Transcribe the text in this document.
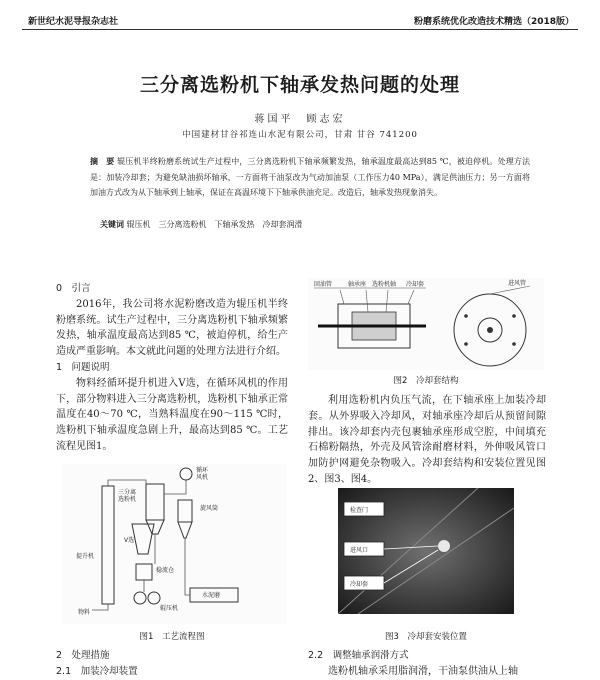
新世纪水泥导报杂志社	粉磨系统优化改造技术精选（2018版）
三分离选粉机下轴承发热问题的处理
蒋国平　顾志宏
中国建材甘谷祁连山水泥有限公司，甘肃 甘谷 741200
摘　要 辊压机半终粉磨系统试生产过程中，三分离选粉机下轴承频繁发热，轴承温度最高达到85 ℃，被迫停机。处理方法是：加装冷却套；为避免缺油损坏轴承，一方面将干油泵改为气动加油泵（工作压力40 MPa），满足供油压力；另一方面将加油方式改为从下轴承到上轴承，保证在高温环境下下轴承供油充足。改造后，轴承发热现象消失。
关键词 辊压机　三分离选粉机　下轴承发热　冷却套润滑
0　引言
2016年，我公司将水泥粉磨改造为辊压机半终粉磨系统。试生产过程中，三分离选粉机下轴承频繁发热，轴承温度最高达到85 ℃，被迫停机，给生产造成严重影响。本文就此问题的处理方法进行介绍。
1　问题说明
物料经循环提升机进入V选，在循环风机的作用下，部分物料进入三分离选粉机，选粉机下轴承正常温度在40～70 ℃，当熟料温度在90～115 ℃时，选粉机下轴承温度急剧上升，最高达到85 ℃。工艺流程见图1。
循环 风机
三分离 选粉机
旋风筒
V选
提升机
稳流仓
辊压机
水泥磨
物料
图1　工艺流程图
2　处理措施
2.1　加装冷却装置
回油管	轴承座 选粉机轴 冷却套	进风管
图2　冷却套结构
利用选粉机内负压气流，在下轴承座上加装冷却套。从外界吸入冷却风，对轴承座冷却后从预留间隙排出。该冷却套内壳包裹轴承座形成空腔，中间填充石棉粉隔热，外壳及风管涂耐磨材料，外伸吸风管口加防护网避免杂物吸入。冷却套结构和安装位置见图2、图3、图4。
检查门
进风口
冷却套
图3　冷却套安装位置
2.2　调整轴承润滑方式
选粉机轴承采用脂润滑，干油泵供油从上轴
